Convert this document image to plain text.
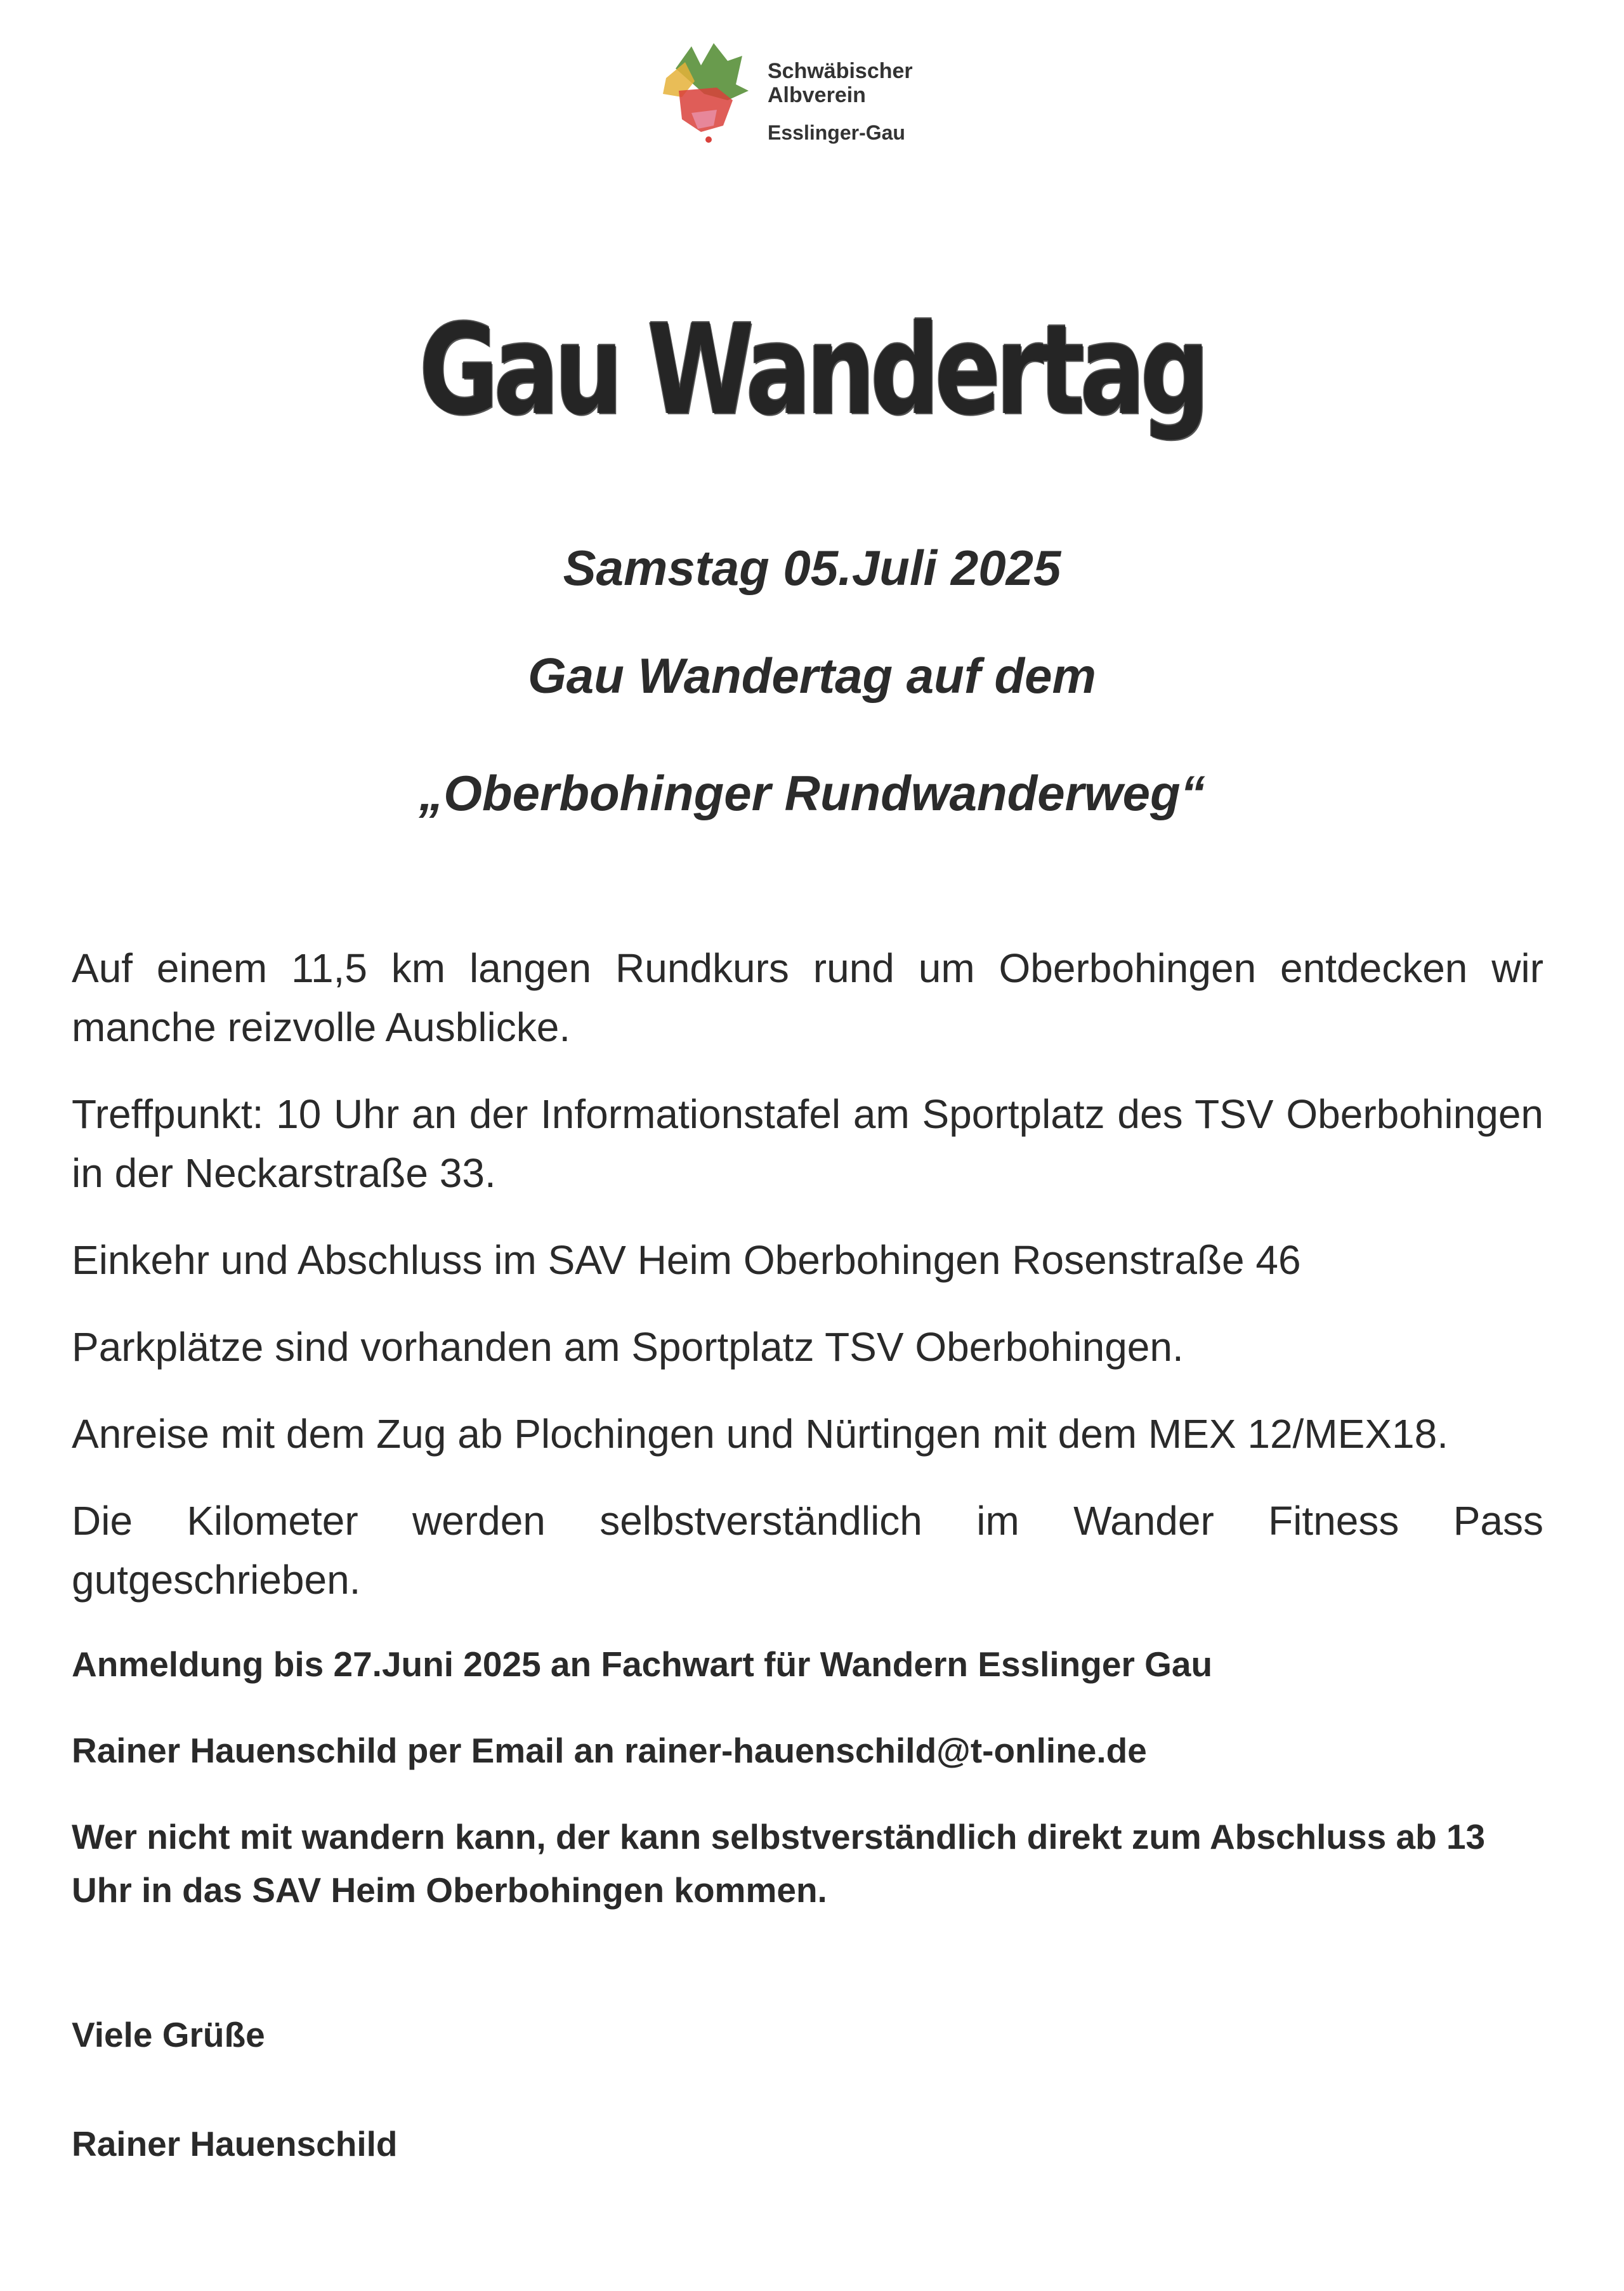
Schwäbischer
Albverein
Esslinger-Gau
Gau Wandertag
Samstag 05.Juli 2025
Gau Wandertag auf dem
„Oberbohinger Rundwanderweg“

Auf einem 11,5 km langen Rundkurs rund um Oberbohingen entdecken wir manche reizvolle Ausblicke.

Treffpunkt: 10 Uhr an der Informationstafel am Sportplatz des TSV Oberbohingen in der Neckarstraße 33.

Einkehr und Abschluss im SAV Heim Oberbohingen Rosenstraße 46

Parkplätze sind vorhanden am Sportplatz TSV Oberbohingen.

Anreise mit dem Zug ab Plochingen und Nürtingen mit dem MEX 12/MEX18.

Die Kilometer werden selbstverständlich im Wander Fitness Pass gutgeschrieben.

Anmeldung bis 27.Juni 2025 an Fachwart für Wandern Esslinger Gau

Rainer Hauenschild per Email an rainer-hauenschild@t-online.de

Wer nicht mit wandern kann, der kann selbstverständlich direkt zum Abschluss ab 13 Uhr in das SAV Heim Oberbohingen kommen.

Viele Grüße

Rainer Hauenschild
